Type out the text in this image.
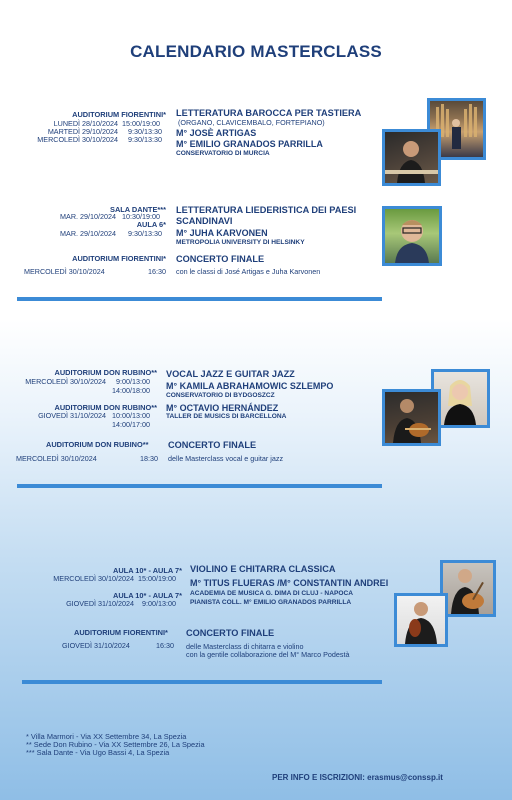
CALENDARIO MASTERCLASS
AUDITORIUM FIORENTINI*
LUNEDÌ 28/10/2024 15:00/19:00
MARTEDÌ 29/10/2024 9:30/13:30
MERCOLEDÌ 30/10/2024 9:30/13:30
LETTERATURA BAROCCA PER TASTIERA
(ORGANO, CLAVICEMBALO, FORTEPIANO)
M° JOSÈ ARTIGAS
M° EMILIO GRANADOS PARRILLA
CONSERVATORIO DI MURCIA
SALA DANTE***
MAR. 29/10/2024 10:30/19:00
AULA 6*
MAR. 29/10/2024 9:30/13:30
LETTERATURA LIEDERISTICA DEI PAESI
SCANDINAVI
M° JUHA KARVONEN
METROPOLIA UNIVERSITY DI HELSINKY
AUDITORIUM FIORENTINI*
MERCOLEDÌ 30/10/2024	16:30
CONCERTO FINALE
con le classi di José Artigas e Juha Karvonen
AUDITORIUM DON RUBINO**
MERCOLEDÌ 30/10/2024 9:00/13:00
14:00/18:00
AUDITORIUM DON RUBINO**
GIOVEDÌ 31/10/2024 10:00/13:00
14:00/17:00
VOCAL JAZZ E GUITAR JAZZ
M° KAMILA ABRAHAMOWIC SZLEMPO
CONSERVATORIO DI BYDGOSZCZ
M° OCTAVIO HERNÁNDEZ
TALLER DE MUSICS DI BARCELLONA
AUDITORIUM DON RUBINO**
MERCOLEDÌ 30/10/2024	18:30
CONCERTO FINALE
delle Masterclass vocal e guitar jazz
AULA 10* - AULA 7*
MERCOLEDÌ 30/10/2024 15:00/19:00
AULA 10* - AULA 7*
GIOVEDÌ 31/10/2024 9:00/13:00
VIOLINO E CHITARRA CLASSICA
M° TITUS FLUERAS /M° CONSTANTIN ANDREI
ACADEMIA DE MUSICA G. DIMA DI CLUJ - NAPOCA
PIANISTA COLL. M° EMILIO GRANADOS PARRILLA
AUDITORIUM FIORENTINI*
GIOVEDÌ 31/10/2024	16:30
CONCERTO FINALE
delle Masterclass di chitarra e violino
con la gentile collaborazione del M° Marco Podestà
* Villa Marmori - Via XX Settembre 34, La Spezia
** Sede Don Rubino - Via XX Settembre 26, La Spezia
*** Sala Dante - Via Ugo Bassi 4, La Spezia
PER INFO E ISCRIZIONI: erasmus@conssp.it
